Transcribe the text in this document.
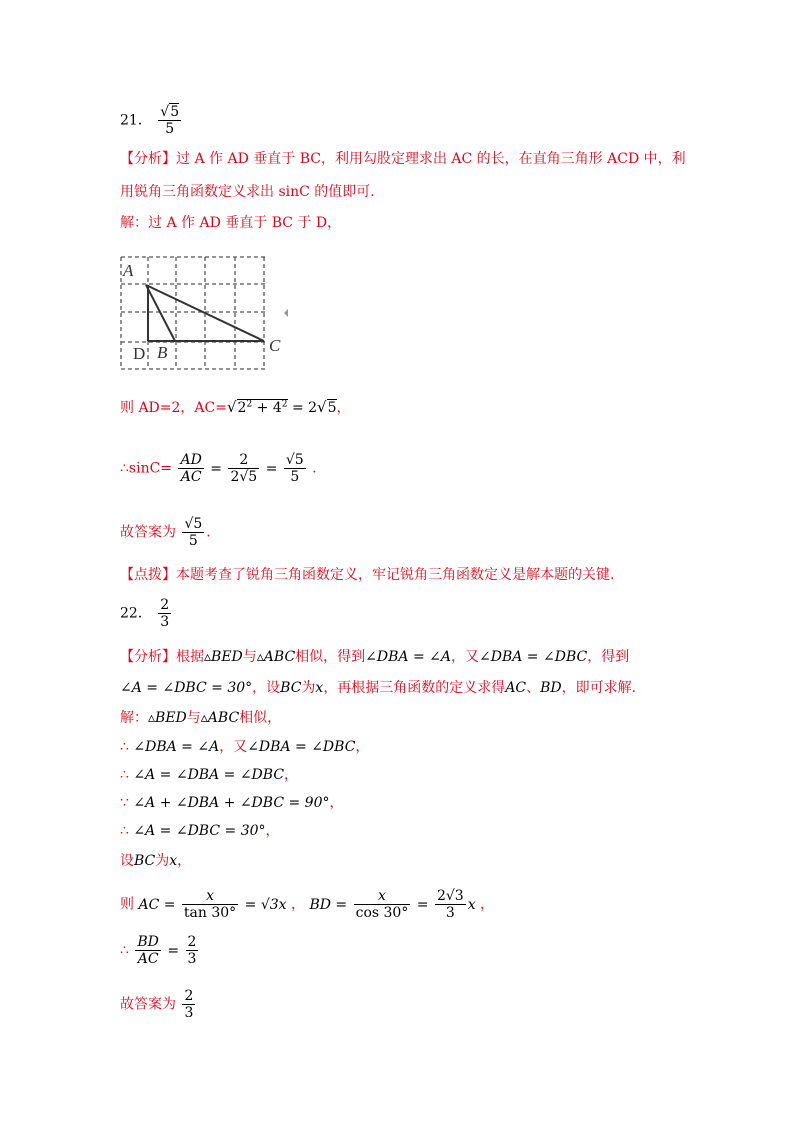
21． $\frac{√5}{5}$
【分析】过 A 作 AD 垂直于 BC，利用勾股定理求出 AC 的长，在直角三角形 ACD 中，利
用锐角三角函数定义求出 sinC 的值即可.
解：过 A 作 AD 垂直于 BC 于 D，
A
B	C
D
则 AD=2，$AC=√2^2 + 4^2 = 2√5$，
∴sinC= $\frac{AD}{AC} = \frac{2}{2√5} = \frac{√5}{5}$ .
故答案为 $\frac{√5}{5}$ .
【点拨】本题考查了锐角三角函数定义，牢记锐角三角函数定义是解本题的关键.
22． $\frac{2}{3}$
【分析】根据▵BED与▵ABC相似，得到∠DBA = ∠A，又∠DBA = ∠DBC，得到
∠A = ∠DBC = 30°，设BC为x，再根据三角函数的定义求得AC、BD，即可求解.
解：▵BED与▵ABC相似，
∴ ∠DBA = ∠A，又∠DBA = ∠DBC，
∴ ∠A = ∠DBA = ∠DBC，
∵ ∠A + ∠DBA + ∠DBC = 90°，
∴ ∠A = ∠DBC = 30°，
设BC为x，
则 AC = $\frac{x}{\tan 30^\circ} = √3x$ ， BD = $\frac{x}{\cos 30^\circ} = \frac{2√3}{3}$ x ，
∴ $\frac{BD}{AC} = \frac{2}{3}$
故答案为 $\frac{2}{3}$
